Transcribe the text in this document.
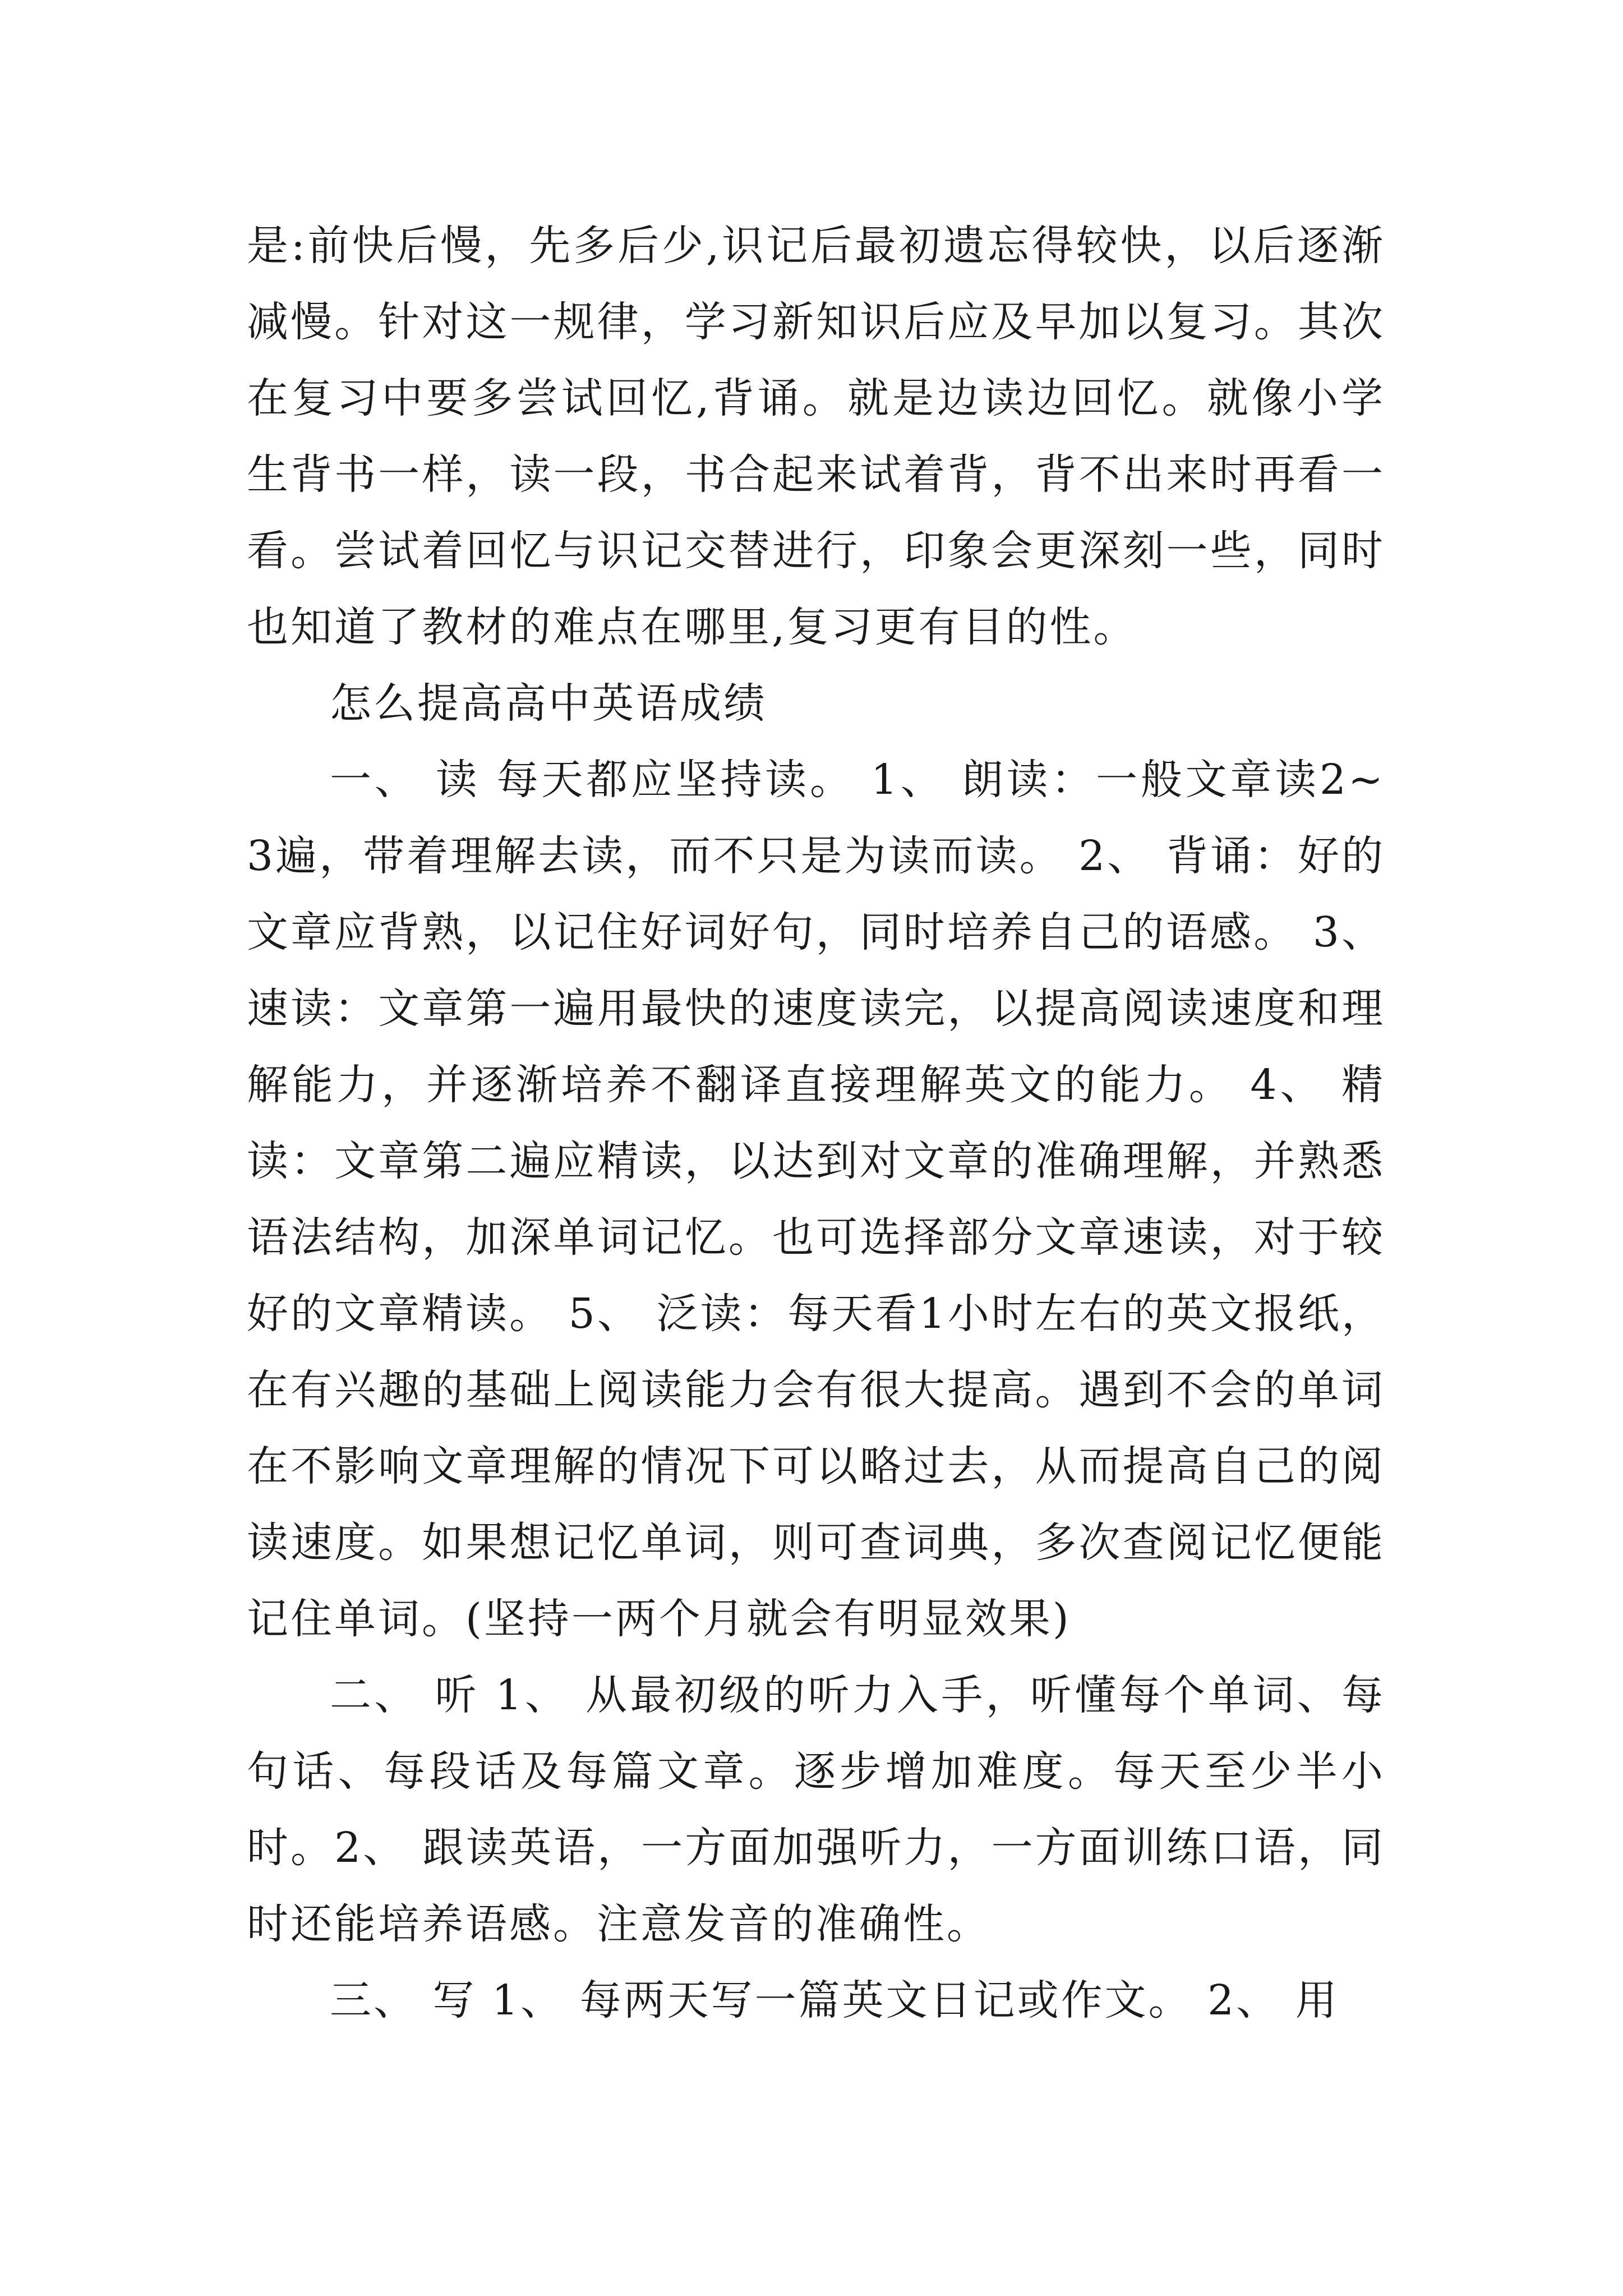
是:前快后慢，先多后少,识记后最初遗忘得较快，以后逐渐减慢。针对这一规律，学习新知识后应及早加以复习。其次在复习中要多尝试回忆,背诵。就是边读边回忆。就像小学生背书一样，读一段，书合起来试着背，背不出来时再看一看。尝试着回忆与识记交替进行，印象会更深刻一些，同时也知道了教材的难点在哪里,复习更有目的性。

怎么提高高中英语成绩

一、 读 每天都应坚持读。 1、 朗读：一般文章读2~3遍，带着理解去读，而不只是为读而读。 2、 背诵：好的文章应背熟，以记住好词好句，同时培养自己的语感。 3、速读：文章第一遍用最快的速度读完，以提高阅读速度和理解能力，并逐渐培养不翻译直接理解英文的能力。 4、 精读：文章第二遍应精读，以达到对文章的准确理解，并熟悉语法结构，加深单词记忆。也可选择部分文章速读，对于较好的文章精读。 5、 泛读：每天看1小时左右的英文报纸，在有兴趣的基础上阅读能力会有很大提高。遇到不会的单词在不影响文章理解的情况下可以略过去，从而提高自己的阅读速度。如果想记忆单词，则可查词典，多次查阅记忆便能记住单词。(坚持一两个月就会有明显效果)

二、 听 1、 从最初级的听力入手，听懂每个单词、每句话、每段话及每篇文章。逐步增加难度。每天至少半小时。2、 跟读英语，一方面加强听力，一方面训练口语，同时还能培养语感。注意发音的准确性。

三、 写 1、 每两天写一篇英文日记或作文。 2、 用
